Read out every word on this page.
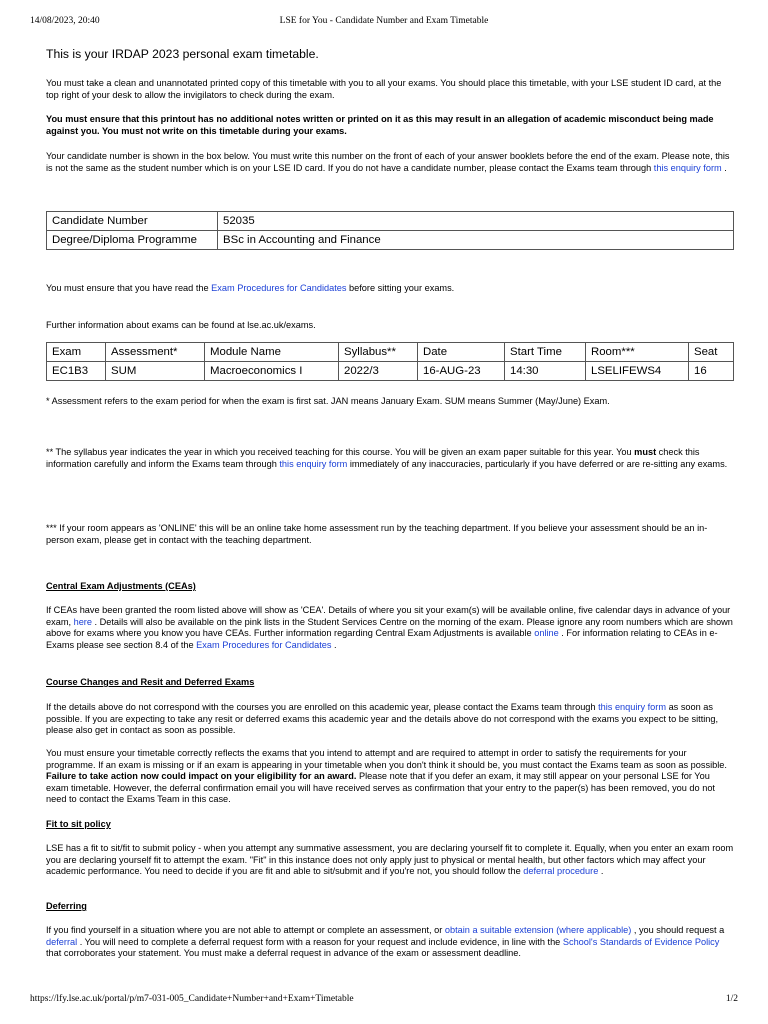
14/08/2023, 20:40	LSE for You - Candidate Number and Exam Timetable

This is your IRDAP 2023 personal exam timetable.

You must take a clean and unannotated printed copy of this timetable with you to all your exams. You should place this timetable, with your LSE student ID card, at the top right of your desk to allow the invigilators to check during the exam.

You must ensure that this printout has no additional notes written or printed on it as this may result in an allegation of academic misconduct being made against you. You must not write on this timetable during your exams.

Your candidate number is shown in the box below. You must write this number on the front of each of your answer booklets before the end of the exam. Please note, this is not the same as the student number which is on your LSE ID card. If you do not have a candidate number, please contact the Exams team through this enquiry form .

Candidate Number	52035
Degree/Diploma Programme	BSc in Accounting and Finance

You must ensure that you have read the Exam Procedures for Candidates before sitting your exams.

Further information about exams can be found at lse.ac.uk/exams.

Exam	Assessment*	Module Name	Syllabus**	Date	Start Time	Room***	Seat
EC1B3	SUM	Macroeconomics I	2022/3	16-AUG-23	14:30	LSELIFEWS4	16

* Assessment refers to the exam period for when the exam is first sat. JAN means January Exam. SUM means Summer (May/June) Exam.

** The syllabus year indicates the year in which you received teaching for this course. You will be given an exam paper suitable for this year. You must check this information carefully and inform the Exams team through this enquiry form immediately of any inaccuracies, particularly if you have deferred or are re-sitting any exams.

*** If your room appears as 'ONLINE' this will be an online take home assessment run by the teaching department. If you believe your assessment should be an in-person exam, please get in contact with the teaching department.

Central Exam Adjustments (CEAs)

If CEAs have been granted the room listed above will show as 'CEA'. Details of where you sit your exam(s) will be available online, five calendar days in advance of your exam, here . Details will also be available on the pink lists in the Student Services Centre on the morning of the exam. Please ignore any room numbers which are shown above for exams where you know you have CEAs. Further information regarding Central Exam Adjustments is available online . For information relating to CEAs in e-Exams please see section 8.4 of the Exam Procedures for Candidates .

Course Changes and Resit and Deferred Exams

If the details above do not correspond with the courses you are enrolled on this academic year, please contact the Exams team through this enquiry form as soon as possible. If you are expecting to take any resit or deferred exams this academic year and the details above do not correspond with the exams you expect to be sitting, please also get in contact as soon as possible.

You must ensure your timetable correctly reflects the exams that you intend to attempt and are required to attempt in order to satisfy the requirements for your programme. If an exam is missing or if an exam is appearing in your timetable when you don't think it should be, you must contact the Exams team as soon as possible. Failure to take action now could impact on your eligibility for an award. Please note that if you defer an exam, it may still appear on your personal LSE for You exam timetable. However, the deferral confirmation email you will have received serves as confirmation that your entry to the paper(s) has been removed, you do not need to contact the Exams Team in this case.

Fit to sit policy

LSE has a fit to sit/fit to submit policy - when you attempt any summative assessment, you are declaring yourself fit to complete it. Equally, when you enter an exam room you are declaring yourself fit to attempt the exam. "Fit" in this instance does not only apply just to physical or mental health, but other factors which may affect your academic performance. You need to decide if you are fit and able to sit/submit and if you're not, you should follow the deferral procedure .

Deferring

If you find yourself in a situation where you are not able to attempt or complete an assessment, or obtain a suitable extension (where applicable) , you should request a deferral . You will need to complete a deferral request form with a reason for your request and include evidence, in line with the School's Standards of Evidence Policy that corroborates your statement. You must make a deferral request in advance of the exam or assessment deadline.

https://lfy.lse.ac.uk/portal/p/m7-031-005_Candidate+Number+and+Exam+Timetable	1/2
